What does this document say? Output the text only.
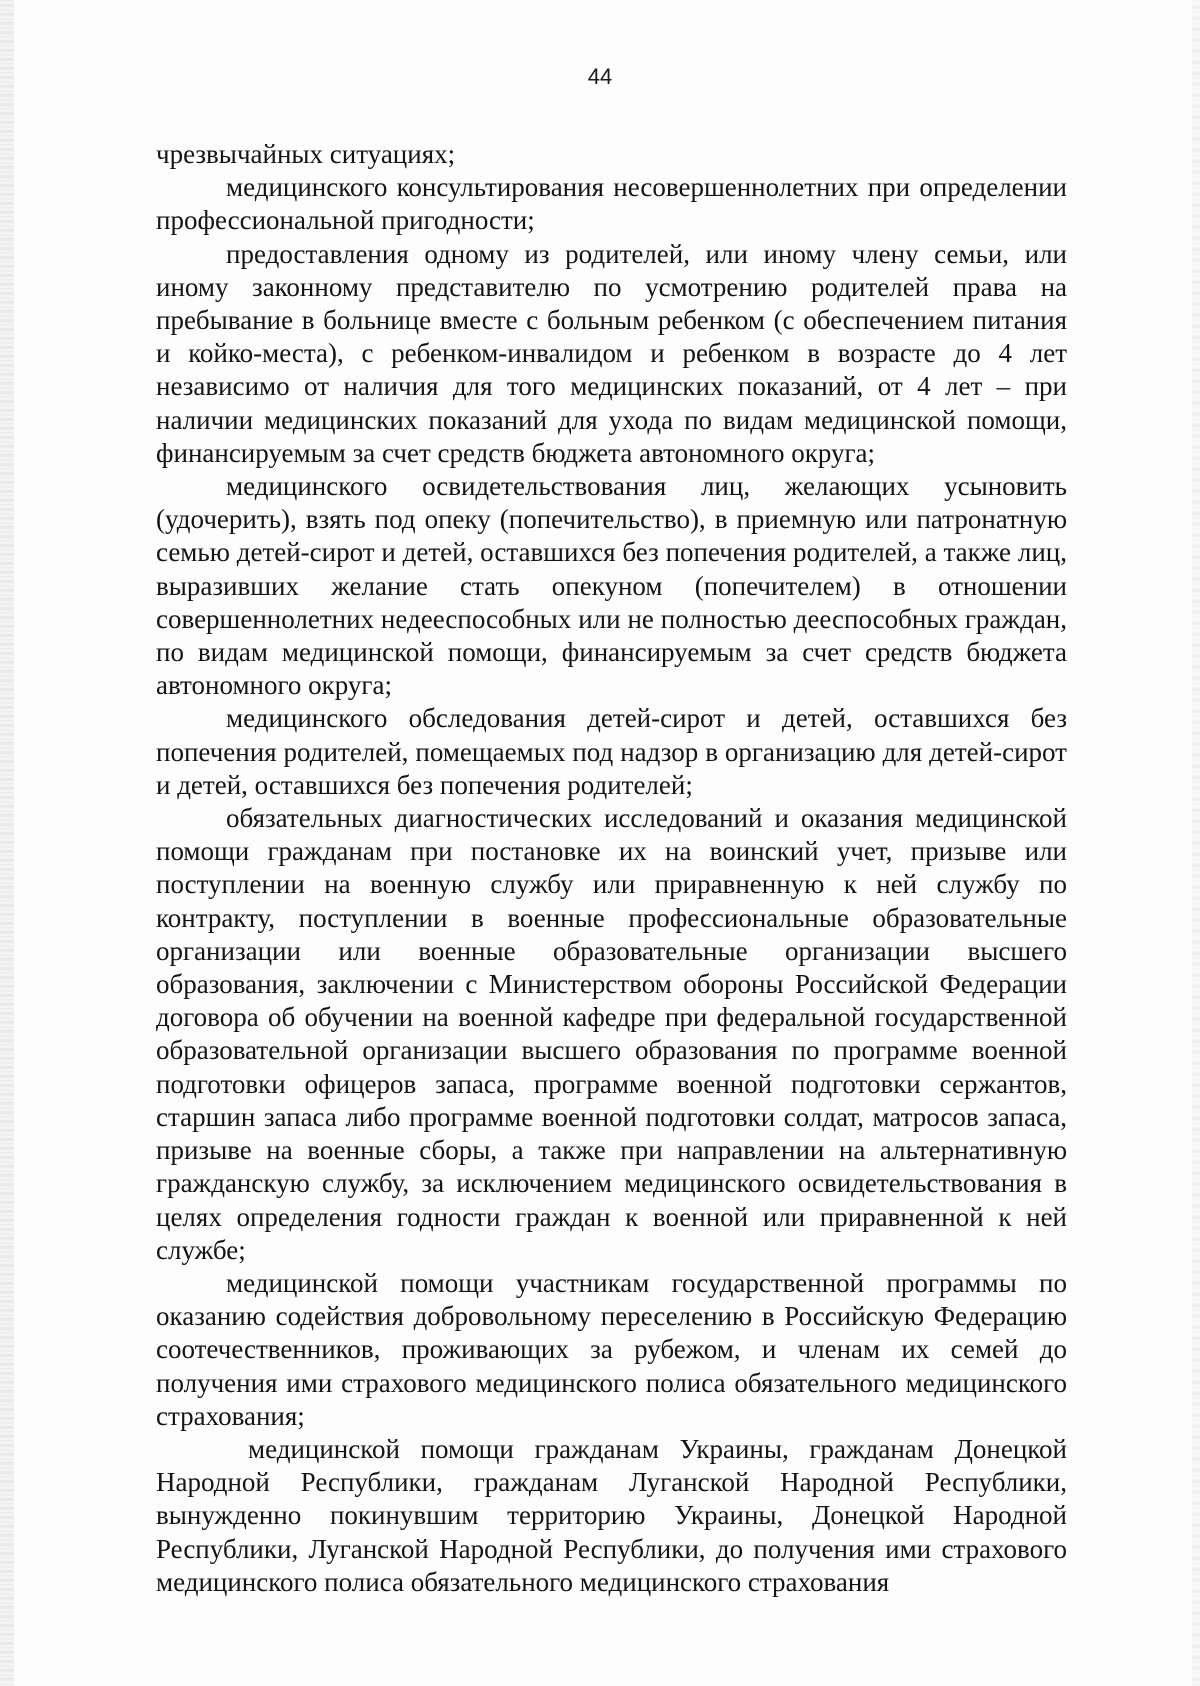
44

чрезвычайных ситуациях;

медицинского консультирования несовершеннолетних при определении профессиональной пригодности;

предоставления одному из родителей, или иному члену семьи, или иному законному представителю по усмотрению родителей права на пребывание в больнице вместе с больным ребенком (с обеспечением питания и койко-места), с ребенком-инвалидом и ребенком в возрасте до 4 лет независимо от наличия для того медицинских показаний, от 4 лет – при наличии медицинских показаний для ухода по видам медицинской помощи, финансируемым за счет средств бюджета автономного округа;

медицинского освидетельствования лиц, желающих усыновить (удочерить), взять под опеку (попечительство), в приемную или патронатную семью детей-сирот и детей, оставшихся без попечения родителей, а также лиц, выразивших желание стать опекуном (попечителем) в отношении совершеннолетних недееспособных или не полностью дееспособных граждан, по видам медицинской помощи, финансируемым за счет средств бюджета автономного округа;

медицинского обследования детей-сирот и детей, оставшихся без попечения родителей, помещаемых под надзор в организацию для детей-сирот и детей, оставшихся без попечения родителей;

обязательных диагностических исследований и оказания медицинской помощи гражданам при постановке их на воинский учет, призыве или поступлении на военную службу или приравненную к ней службу по контракту, поступлении в военные профессиональные образовательные организации или военные образовательные организации высшего образования, заключении с Министерством обороны Российской Федерации договора об обучении на военной кафедре при федеральной государственной образовательной организации высшего образования по программе военной подготовки офицеров запаса, программе военной подготовки сержантов, старшин запаса либо программе военной подготовки солдат, матросов запаса, призыве на военные сборы, а также при направлении на альтернативную гражданскую службу, за исключением медицинского освидетельствования в целях определения годности граждан к военной или приравненной к ней службе;

медицинской помощи участникам государственной программы по оказанию содействия добровольному переселению в Российскую Федерацию соотечественников, проживающих за рубежом, и членам их семей до получения ими страхового медицинского полиса обязательного медицинского страхования;

медицинской помощи гражданам Украины, гражданам Донецкой Народной Республики, гражданам Луганской Народной Республики, вынужденно покинувшим территорию Украины, Донецкой Народной Республики, Луганской Народной Республики, до получения ими страхового медицинского полиса обязательного медицинского страхования
